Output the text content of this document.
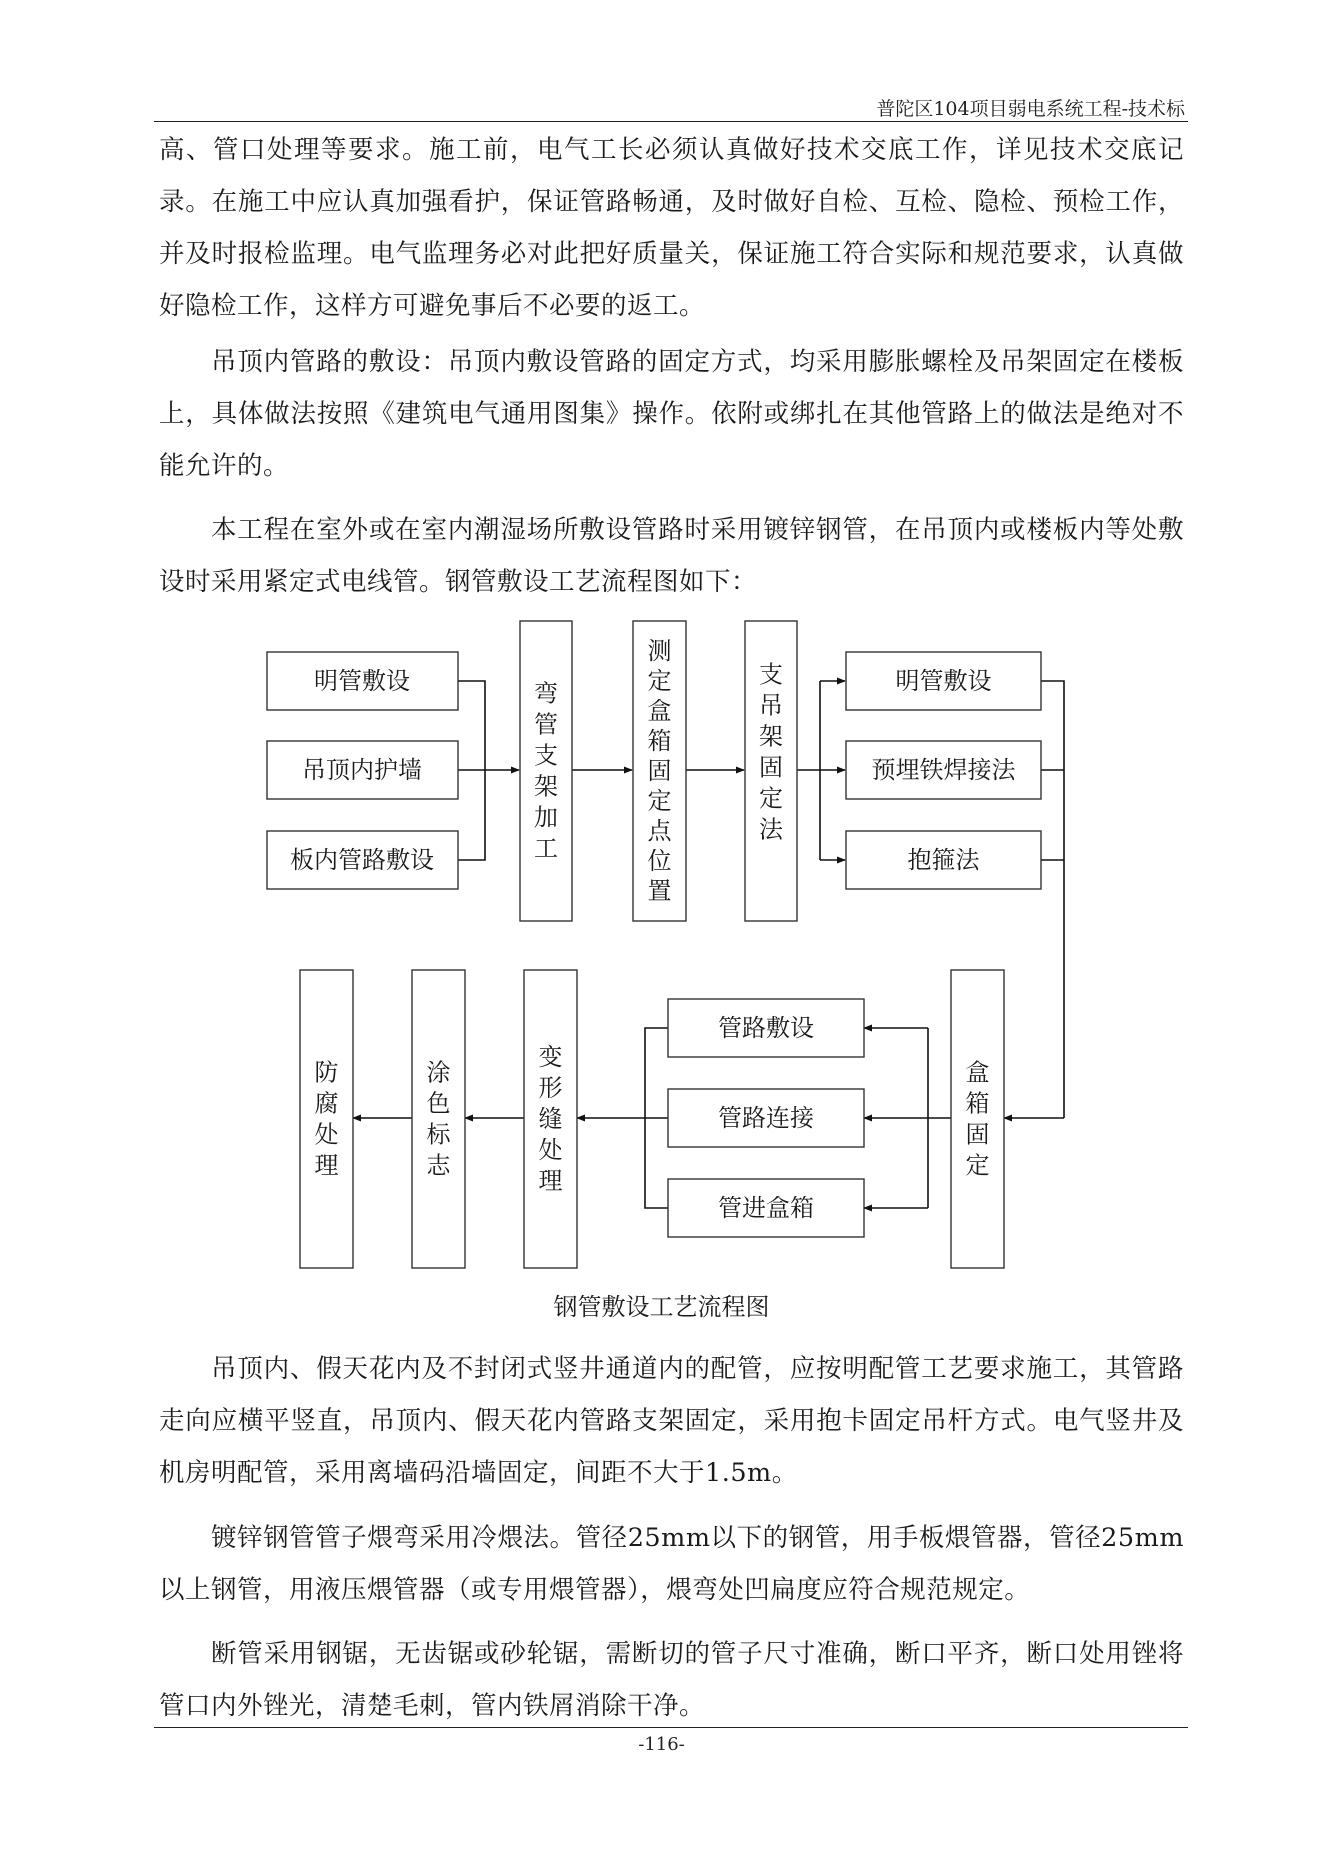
普陀区104项目弱电系统工程-技术标

高、管口处理等要求。施工前，电气工长必须认真做好技术交底工作，详见技术交底记录。在施工中应认真加强看护，保证管路畅通，及时做好自检、互检、隐检、预检工作，并及时报检监理。电气监理务必对此把好质量关，保证施工符合实际和规范要求，认真做好隐检工作，这样方可避免事后不必要的返工。

吊顶内管路的敷设：吊顶内敷设管路的固定方式，均采用膨胀螺栓及吊架固定在楼板上，具体做法按照《建筑电气通用图集》操作。依附或绑扎在其他管路上的做法是绝对不能允许的。

本工程在室外或在室内潮湿场所敷设管路时采用镀锌钢管，在吊顶内或楼板内等处敷设时采用紧定式电线管。钢管敷设工艺流程图如下：

明管敷设
吊顶内护墙
板内管路敷设
弯管支架加工
测定盒箱固定点位置
支吊架固定法
明管敷设
预埋铁焊接法
抱箍法
盒箱固定
管路敷设
管路连接
管进盒箱
变形缝处理
涂色标志
防腐处理
钢管敷设工艺流程图

吊顶内、假天花内及不封闭式竖井通道内的配管，应按明配管工艺要求施工，其管路走向应横平竖直，吊顶内、假天花内管路支架固定，采用抱卡固定吊杆方式。电气竖井及机房明配管，采用离墙码沿墙固定，间距不大于1.5m。

镀锌钢管管子煨弯采用冷煨法。管径25mm以下的钢管，用手板煨管器，管径25mm以上钢管，用液压煨管器（或专用煨管器），煨弯处凹扁度应符合规范规定。

断管采用钢锯，无齿锯或砂轮锯，需断切的管子尺寸准确，断口平齐，断口处用锉将管口内外锉光，清楚毛刺，管内铁屑消除干净。

-116-
